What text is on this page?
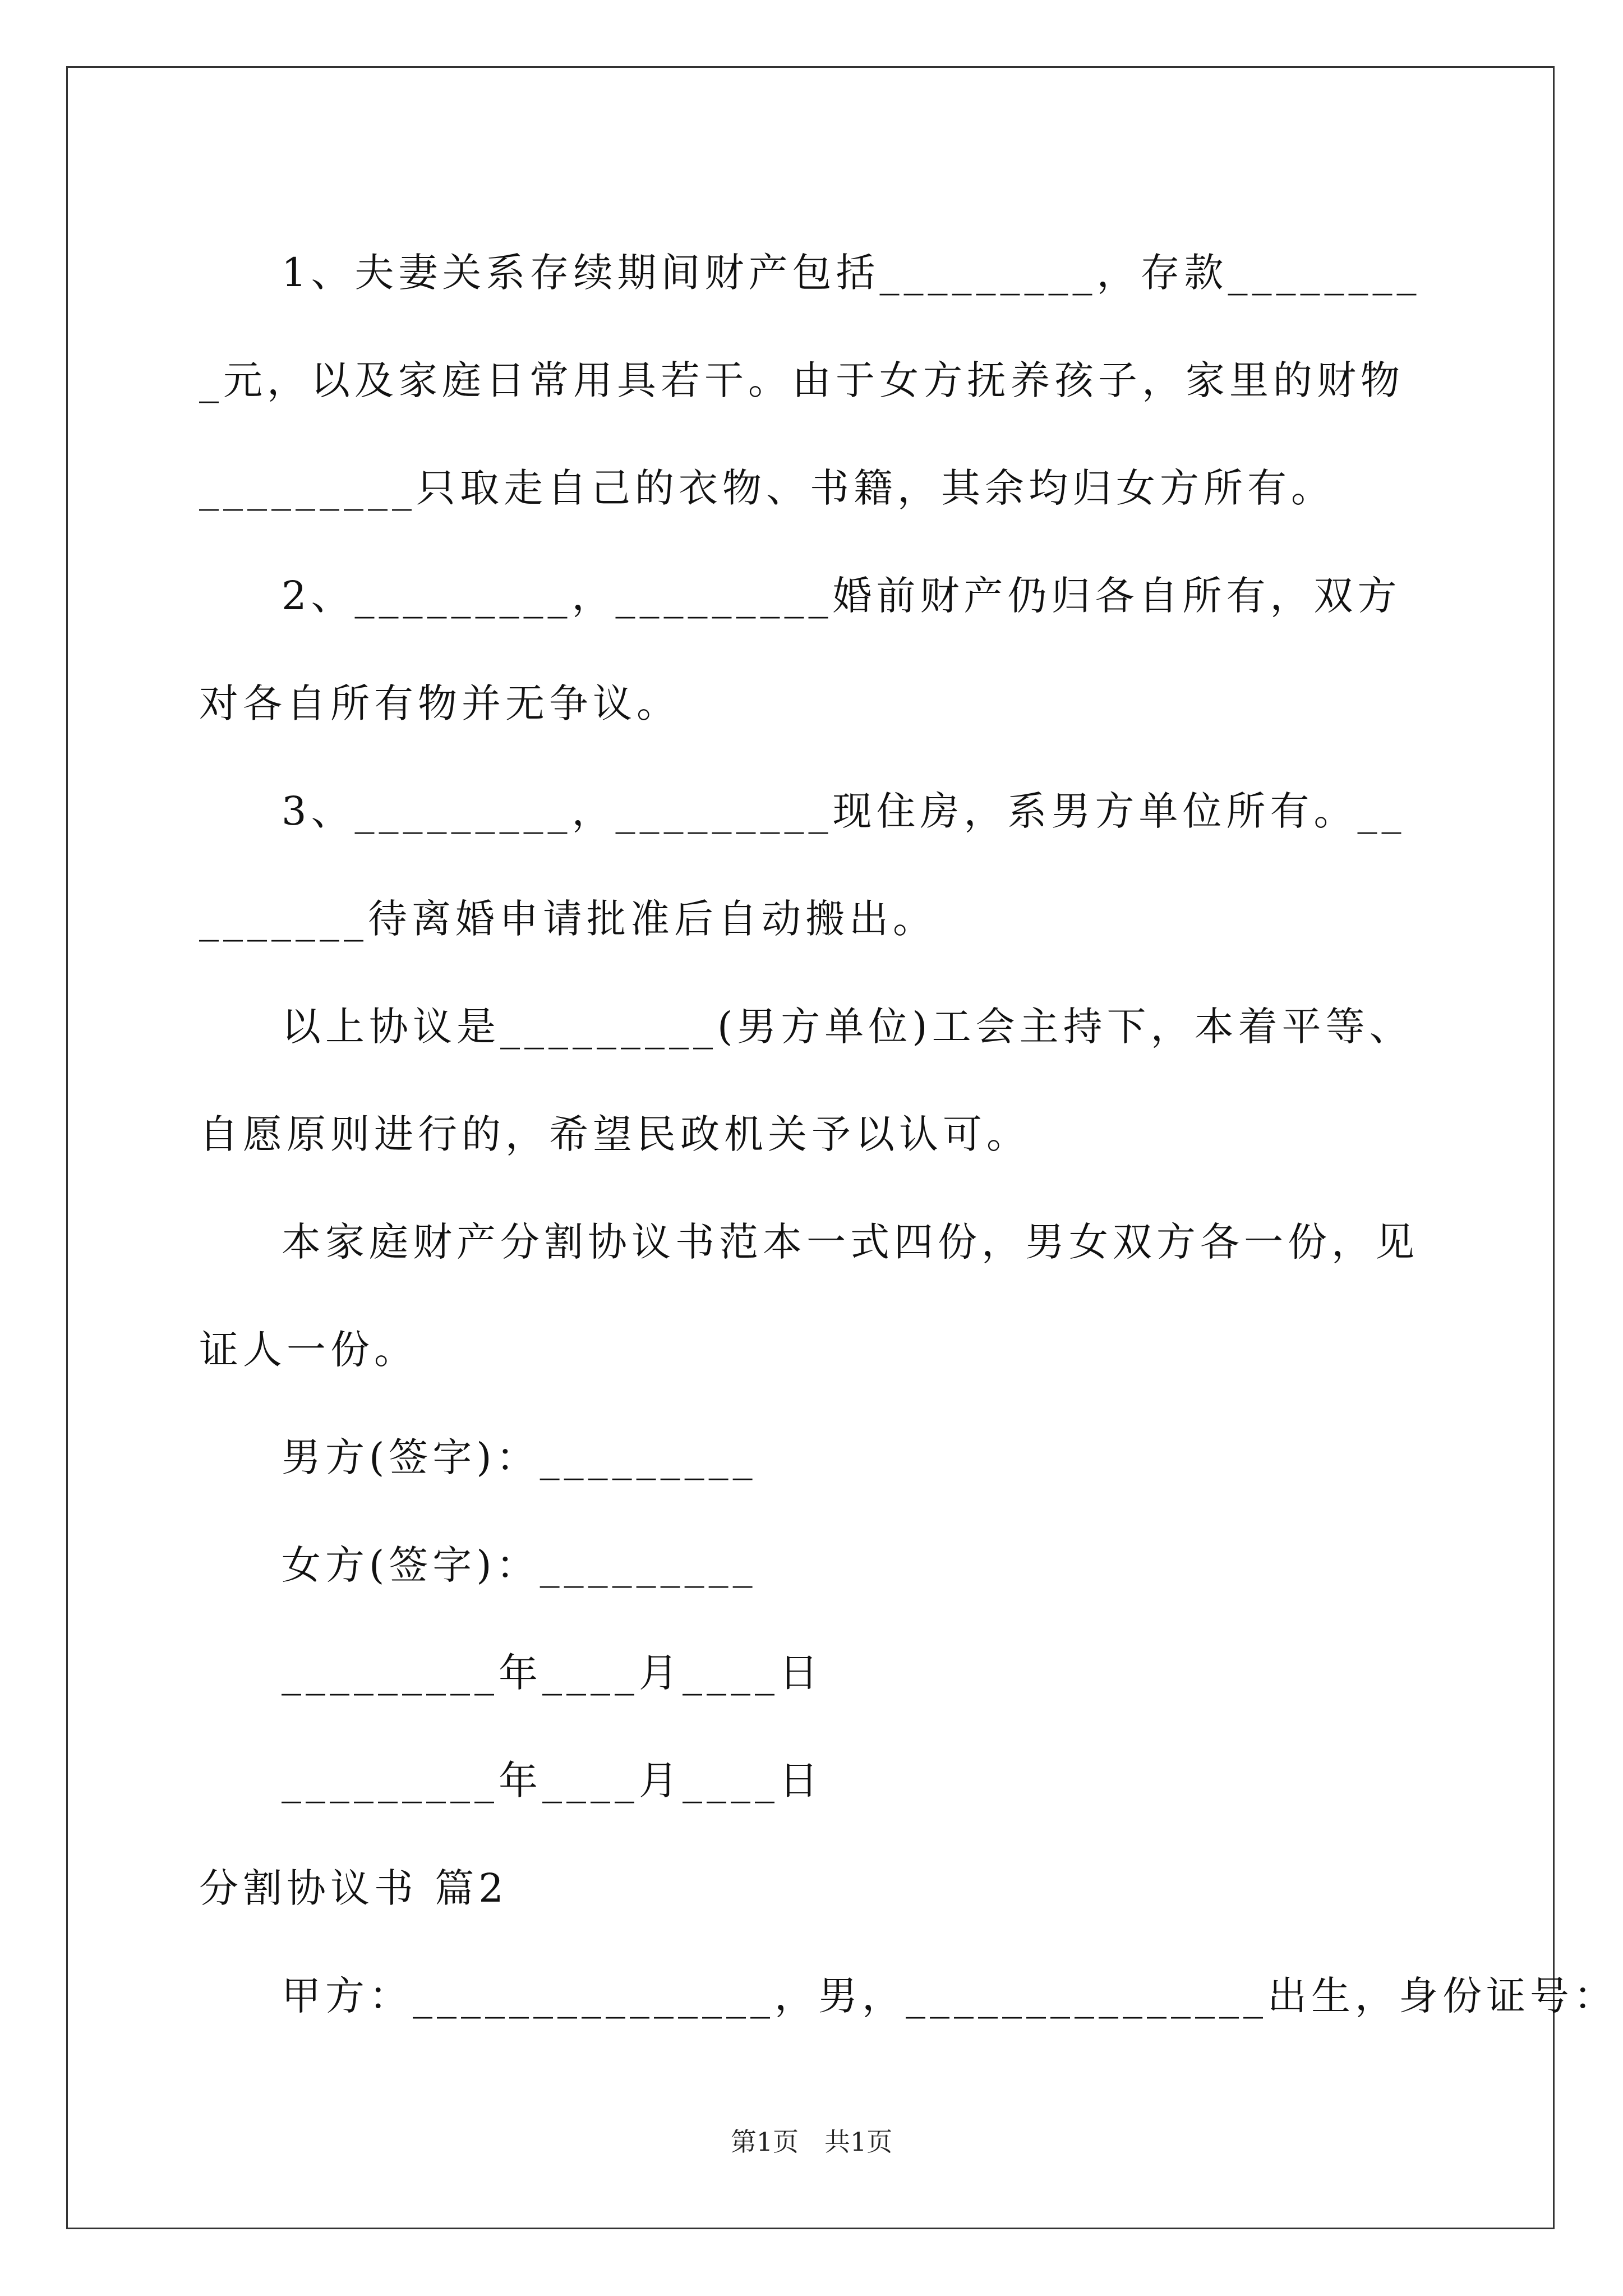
1、夫妻关系存续期间财产包括_________，存款_________元，以及家庭日常用具若干。由于女方抚养孩子，家里的财物_________只取走自己的衣物、书籍，其余均归女方所有。

2、_________，_________婚前财产仍归各自所有，双方对各自所有物并无争议。

3、_________，_________现住房，系男方单位所有。_________待离婚申请批准后自动搬出。

以上协议是_________(男方单位)工会主持下，本着平等、自愿原则进行的，希望民政机关予以认可。

本家庭财产分割协议书范本一式四份，男女双方各一份，见证人一份。

男方(签字)：_________
女方(签字)：_________
_________年____月____日
_________年____月____日
分割协议书 篇2
甲方：_______________，男，_______________出生，身份证号：
第1页　共1页
